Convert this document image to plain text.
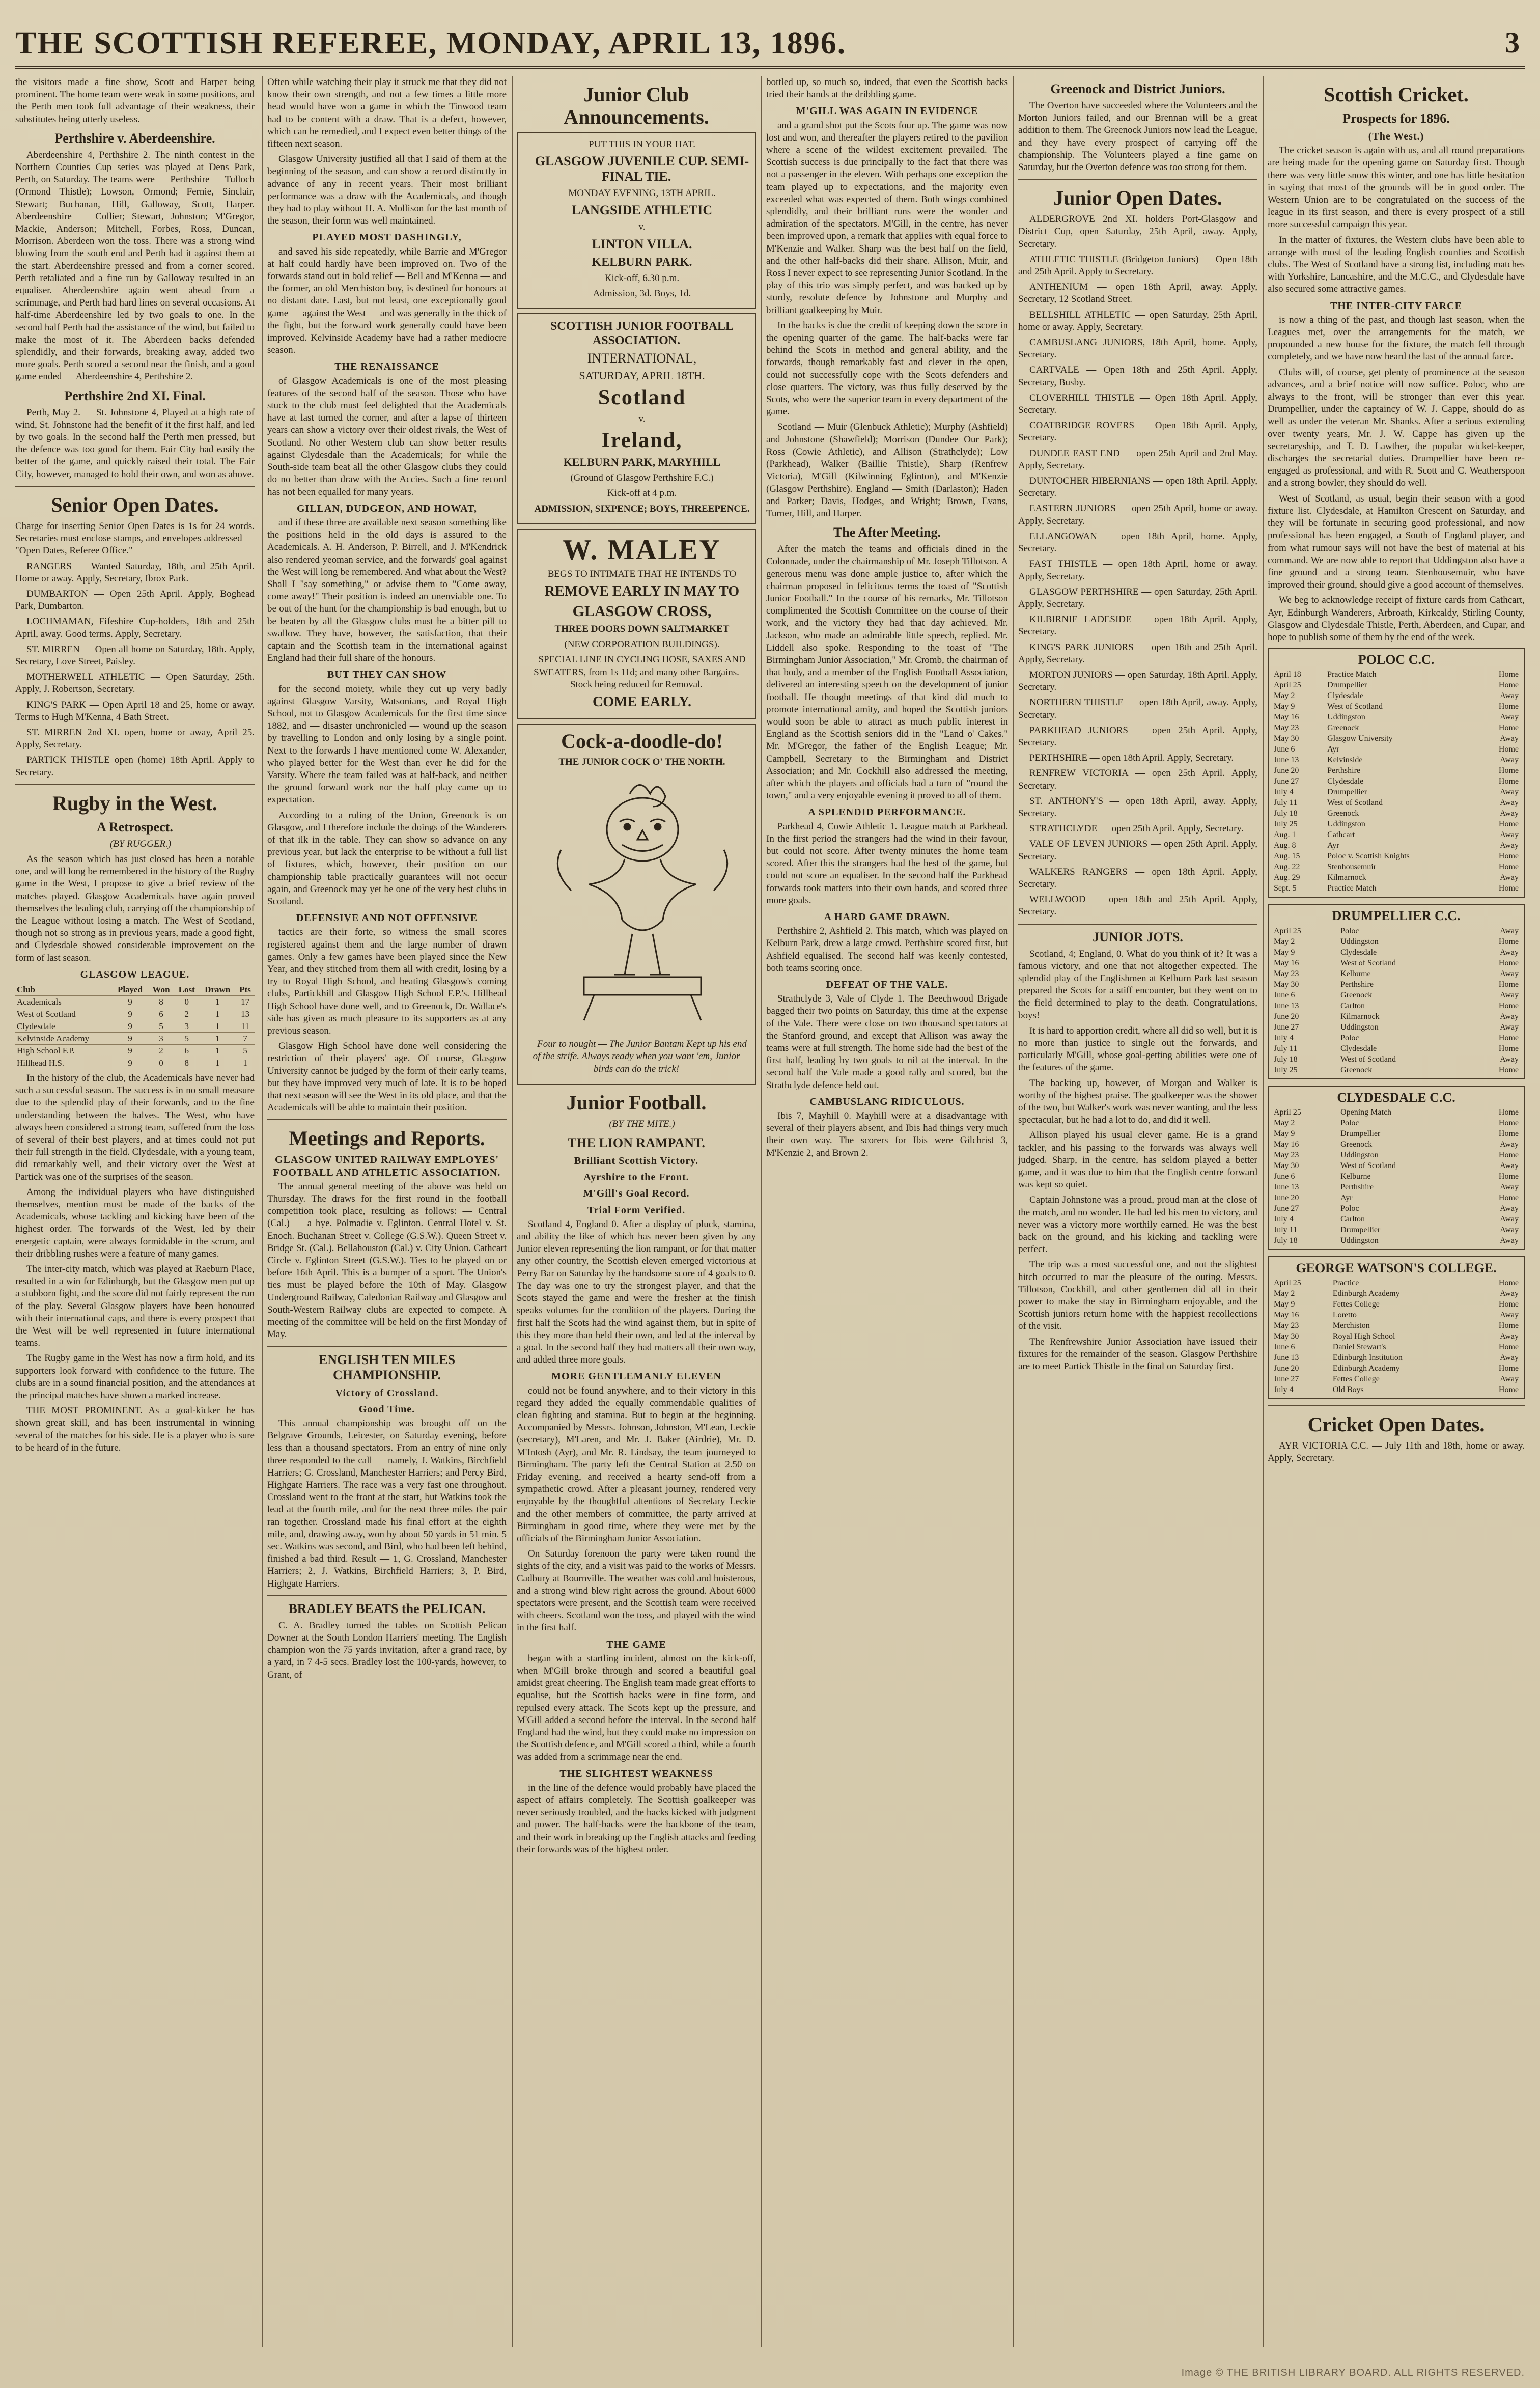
THE SCOTTISH REFEREE, MONDAY, APRIL 13, 1896.	3

the visitors made a fine show, Scott and Harper being prominent. The home team were weak in some positions, and the Perth men took full advantage of their weakness, their substitutes being utterly useless.

Perthshire v. Aberdeenshire.

Aberdeenshire 4, Perthshire 2. The ninth contest in the Northern Counties Cup series was played at Dens Park, Perth, on Saturday. The teams were — Perthshire — Tulloch (Ormond Thistle); Lowson, Ormond; Fernie, Sinclair, Stewart; Buchanan, Hill, Galloway, Scott, Harper. Aberdeenshire — Collier; Stewart, Johnston; M'Gregor, Mackie, Anderson; Mitchell, Forbes, Ross, Duncan, Morrison. Aberdeen won the toss. There was a strong wind blowing from the south end and Perth had it against them at the start. Aberdeenshire pressed and from a corner scored. Perth retaliated and a fine run by Galloway resulted in an equaliser. Aberdeenshire again went ahead from a scrimmage, and Perth had hard lines on several occasions. At half-time Aberdeenshire led by two goals to one. In the second half Perth had the assistance of the wind, but failed to make the most of it. The Aberdeen backs defended splendidly, and their forwards, breaking away, added two more goals. Perth scored a second near the finish, and a good game ended — Aberdeenshire 4, Perthshire 2.

Perthshire 2nd XI. Final.

Perth, May 2. — St. Johnstone 4, Played at a high rate of wind, St. Johnstone had the benefit of it the first half, and led by two goals. In the second half the Perth men pressed, but the defence was too good for them. Fair City had easily the better of the game, and quickly raised their total. The Fair City, however, managed to hold their own, and won as above.

Senior Open Dates.

Charge for inserting Senior Open Dates is 1s for 24 words. Secretaries must enclose stamps, and envelopes addressed — "Open Dates, Referee Office."

RANGERS — Wanted Saturday, 18th, and 25th April. Home or away. Apply, Secretary, Ibrox Park.

DUMBARTON — Open 25th April. Apply, Boghead Park, Dumbarton.

LOCHMAMAN, Fifeshire Cup-holders, 18th and 25th April, away. Good terms. Apply, Secretary.

ST. MIRREN — Open all home on Saturday, 18th. Apply, Secretary, Love Street, Paisley.

MOTHERWELL ATHLETIC — Open Saturday, 25th. Apply, J. Robertson, Secretary.

KING'S PARK — Open April 18 and 25, home or away. Terms to Hugh M'Kenna, 4 Bath Street.

ST. MIRREN 2nd XI. open, home or away, April 25. Apply, Secretary.

PARTICK THISTLE open (home) 18th April. Apply to Secretary.

Rugby in the West.
A Retrospect.

(BY RUGGER.)

As the season which has just closed has been a notable one, and will long be remembered in the history of the Rugby game in the West, I propose to give a brief review of the matches played. Glasgow Academicals have again proved themselves the leading club, carrying off the championship of the League without losing a match. The West of Scotland, though not so strong as in previous years, made a good fight, and Clydesdale showed considerable improvement on the form of last season.

GLASGOW LEAGUE.
Club	Played	Won	Lost	Drawn	Pts
Academicals	9	8	0	1	17
West of Scotland	9	6	2	1	13
Clydesdale	9	5	3	1	11
Kelvinside Academy	9	3	5	1	7
High School F.P.	9	2	6	1	5
Hillhead H.S.	9	0	8	1	1

In the history of the club, the Academicals have never had such a successful season. The success is in no small measure due to the splendid play of their forwards, and to the fine understanding between the halves. The West, who have always been considered a strong team, suffered from the loss of several of their best players, and at times could not put their full strength in the field. Clydesdale, with a young team, did remarkably well, and their victory over the West at Partick was one of the surprises of the season.

Among the individual players who have distinguished themselves, mention must be made of the backs of the Academicals, whose tackling and kicking have been of the highest order. The forwards of the West, led by their energetic captain, were always formidable in the scrum, and their dribbling rushes were a feature of many games.

The inter-city match, which was played at Raeburn Place, resulted in a win for Edinburgh, but the Glasgow men put up a stubborn fight, and the score did not fairly represent the run of the play. Several Glasgow players have been honoured with their international caps, and there is every prospect that the West will be well represented in future international teams.

The Rugby game in the West has now a firm hold, and its supporters look forward with confidence to the future. The clubs are in a sound financial position, and the attendances at the principal matches have shown a marked increase.

THE MOST PROMINENT. As a goal-kicker he has shown great skill, and has been instrumental in winning several of the matches for his side. He is a player who is sure to be heard of in the future.

Often while watching their play it struck me that they did not know their own strength, and not a few times a little more head would have won a game in which the Tinwood team had to be content with a draw. That is a defect, however, which can be remedied, and I expect even better things of the fifteen next season.

Glasgow University justified all that I said of them at the beginning of the season, and can show a record distinctly in advance of any in recent years. Their most brilliant performance was a draw with the Academicals, and though they had to play without H. A. Mollison for the last month of the season, their form was well maintained.

PLAYED MOST DASHINGLY,

and saved his side repeatedly, while Barrie and M'Gregor at half could hardly have been improved on. Two of the forwards stand out in bold relief — Bell and M'Kenna — and the former, an old Merchiston boy, is destined for honours at no distant date. Last, but not least, one exceptionally good game — against the West — and was generally in the thick of the fight, but the forward work generally could have been improved. Kelvinside Academy have had a rather mediocre season.

THE RENAISSANCE

of Glasgow Academicals is one of the most pleasing features of the second half of the season. Those who have stuck to the club must feel delighted that the Academicals have at last turned the corner, and after a lapse of thirteen years can show a victory over their oldest rivals, the West of Scotland. No other Western club can show better results against Clydesdale than the Academicals; for while the South-side team beat all the other Glasgow clubs they could do no better than draw with the Accies. Such a fine record has not been equalled for many years.

GILLAN, DUDGEON, AND HOWAT,

and if these three are available next season something like the positions held in the old days is assured to the Academicals. A. H. Anderson, P. Birrell, and J. M'Kendrick also rendered yeoman service, and the forwards' goal against the West will long be remembered. And what about the West? Shall I "say something," or advise them to "Come away, come away!" Their position is indeed an unenviable one. To be out of the hunt for the championship is bad enough, but to be beaten by all the Glasgow clubs must be a bitter pill to swallow. They have, however, the satisfaction, that their captain and the Scottish team in the international against England had their full share of the honours.

BUT THEY CAN SHOW

for the second moiety, while they cut up very badly against Glasgow Varsity, Watsonians, and Royal High School, not to Glasgow Academicals for the first time since 1882, and — disaster unchronicled — wound up the season by travelling to London and only losing by a single point. Next to the forwards I have mentioned come W. Alexander, who played better for the West than ever he did for the Varsity. Where the team failed was at half-back, and neither the ground forward work nor the half play came up to expectation.

According to a ruling of the Union, Greenock is on Glasgow, and I therefore include the doings of the Wanderers of that ilk in the table. They can show so advance on any previous year, but lack the enterprise to be without a full list of fixtures, which, however, their position on our championship table practically guarantees will not occur again, and Greenock may yet be one of the very best clubs in Scotland.

DEFENSIVE AND NOT OFFENSIVE

tactics are their forte, so witness the small scores registered against them and the large number of drawn games. Only a few games have been played since the New Year, and they stitched from them all with credit, losing by a try to Royal High School, and beating Glasgow's coming clubs, Partickhill and Glasgow High School F.P.'s. Hillhead High School have done well, and to Greenock, Dr. Wallace's side has given as much pleasure to its supporters as at any previous season.

Glasgow High School have done well considering the restriction of their players' age. Of course, Glasgow University cannot be judged by the form of their early teams, but they have improved very much of late. It is to be hoped that next season will see the West in its old place, and that the Academicals will be able to maintain their position.

Meetings and Reports.
GLASGOW UNITED RAILWAY EMPLOYES' FOOTBALL AND ATHLETIC ASSOCIATION.

The annual general meeting of the above was held on Thursday. The draws for the first round in the football competition took place, resulting as follows: — Central (Cal.) — a bye. Polmadie v. Eglinton. Central Hotel v. St. Enoch. Buchanan Street v. College (G.S.W.). Queen Street v. Bridge St. (Cal.). Bellahouston (Cal.) v. City Union. Cathcart Circle v. Eglinton Street (G.S.W.). Ties to be played on or before 16th April. This is a bumper of a sport. The Union's ties must be played before the 10th of May. Glasgow Underground Railway, Caledonian Railway and Glasgow and South-Western Railway clubs are expected to compete. A meeting of the committee will be held on the first Monday of May.

ENGLISH TEN MILES CHAMPIONSHIP.
Victory of Crossland.
Good Time.

This annual championship was brought off on the Belgrave Grounds, Leicester, on Saturday evening, before less than a thousand spectators. From an entry of nine only three responded to the call — namely, J. Watkins, Birchfield Harriers; G. Crossland, Manchester Harriers; and Percy Bird, Highgate Harriers. The race was a very fast one throughout. Crossland went to the front at the start, but Watkins took the lead at the fourth mile, and for the next three miles the pair ran together. Crossland made his final effort at the eighth mile, and, drawing away, won by about 50 yards in 51 min. 5 sec. Watkins was second, and Bird, who had been left behind, finished a bad third. Result — 1, G. Crossland, Manchester Harriers; 2, J. Watkins, Birchfield Harriers; 3, P. Bird, Highgate Harriers.

BRADLEY BEATS the PELICAN.

C. A. Bradley turned the tables on Scottish Pelican Downer at the South London Harriers' meeting. The English champion won the 75 yards invitation, after a grand race, by a yard, in 7 4-5 secs. Bradley lost the 100-yards, however, to Grant, of

Junior Club Announcements.

PUT THIS IN YOUR HAT.

GLASGOW JUVENILE CUP. SEMI-FINAL TIE.

MONDAY EVENING, 13TH APRIL.

LANGSIDE ATHLETIC

v.

LINTON VILLA.

KELBURN PARK.

Kick-off, 6.30 p.m.

Admission, 3d. Boys, 1d.

SCOTTISH JUNIOR FOOTBALL ASSOCIATION.

INTERNATIONAL,

SATURDAY, APRIL 18TH.

Scotland

v.

Ireland,

KELBURN PARK, MARYHILL

(Ground of Glasgow Perthshire F.C.)

Kick-off at 4 p.m.

ADMISSION, SIXPENCE; BOYS, THREEPENCE.

W. MALEY

BEGS TO INTIMATE THAT HE INTENDS TO

REMOVE EARLY IN MAY TO

GLASGOW CROSS,

THREE DOORS DOWN SALTMARKET

(NEW CORPORATION BUILDINGS).

SPECIAL LINE IN CYCLING HOSE, SAXES AND SWEATERS, from 1s 11d; and many other Bargains. Stock being reduced for Removal.

COME EARLY.

Cock-a-doodle-do!

THE JUNIOR COCK O' THE NORTH.

Four to nought — The Junior Bantam Kept up his end of the strife. Always ready when you want 'em, Junior birds can do the trick!

Junior Football.

(BY THE MITE.)

THE LION RAMPANT.
Brilliant Scottish Victory.
Ayrshire to the Front.
M'Gill's Goal Record.
Trial Form Verified.

Scotland 4, England 0. After a display of pluck, stamina, and ability the like of which has never been given by any Junior eleven representing the lion rampant, or for that matter any other country, the Scottish eleven emerged victorious at Perry Bar on Saturday by the handsome score of 4 goals to 0. The day was one to try the strongest player, and that the Scots stayed the game and were the fresher at the finish speaks volumes for the condition of the players. During the first half the Scots had the wind against them, but in spite of this they more than held their own, and led at the interval by a goal. In the second half they had matters all their own way, and added three more goals.

MORE GENTLEMANLY ELEVEN

could not be found anywhere, and to their victory in this regard they added the equally commendable qualities of clean fighting and stamina. But to begin at the beginning. Accompanied by Messrs. Johnson, Johnston, M'Lean, Leckie (secretary), M'Laren, and Mr. J. Baker (Airdrie), Mr. D. M'Intosh (Ayr), and Mr. R. Lindsay, the team journeyed to Birmingham. The party left the Central Station at 2.50 on Friday evening, and received a hearty send-off from a sympathetic crowd. After a pleasant journey, rendered very enjoyable by the thoughtful attentions of Secretary Leckie and the other members of committee, the party arrived at Birmingham in good time, where they were met by the officials of the Birmingham Junior Association.

On Saturday forenoon the party were taken round the sights of the city, and a visit was paid to the works of Messrs. Cadbury at Bournville. The weather was cold and boisterous, and a strong wind blew right across the ground. About 6000 spectators were present, and the Scottish team were received with cheers. Scotland won the toss, and played with the wind in the first half.

THE GAME

began with a startling incident, almost on the kick-off, when M'Gill broke through and scored a beautiful goal amidst great cheering. The English team made great efforts to equalise, but the Scottish backs were in fine form, and repulsed every attack. The Scots kept up the pressure, and M'Gill added a second before the interval. In the second half England had the wind, but they could make no impression on the Scottish defence, and M'Gill scored a third, while a fourth was added from a scrimmage near the end.

THE SLIGHTEST WEAKNESS

in the line of the defence would probably have placed the aspect of affairs completely. The Scottish goalkeeper was never seriously troubled, and the backs kicked with judgment and power. The half-backs were the backbone of the team, and their work in breaking up the English attacks and feeding their forwards was of the highest order.

bottled up, so much so, indeed, that even the Scottish backs tried their hands at the dribbling game.

M'GILL WAS AGAIN IN EVIDENCE

and a grand shot put the Scots four up. The game was now lost and won, and thereafter the players retired to the pavilion where a scene of the wildest excitement prevailed. The Scottish success is due principally to the fact that there was not a passenger in the eleven. With perhaps one exception the team played up to expectations, and the majority even exceeded what was expected of them. Both wings combined splendidly, and their brilliant runs were the wonder and admiration of the spectators. M'Gill, in the centre, has never been improved upon, a remark that applies with equal force to M'Kenzie and Walker. Sharp was the best half on the field, and the other half-backs did their share. Allison, Muir, and Ross I never expect to see representing Junior Scotland. In the play of this trio was simply perfect, and was backed up by sturdy, resolute defence by Johnstone and Murphy and brilliant goalkeeping by Muir.

In the backs is due the credit of keeping down the score in the opening quarter of the game. The half-backs were far behind the Scots in method and general ability, and the forwards, though remarkably fast and clever in the open, could not successfully cope with the Scots defenders and close quarters. The victory, was thus fully deserved by the Scots, who were the superior team in every department of the game.

Scotland — Muir (Glenbuck Athletic); Murphy (Ashfield) and Johnstone (Shawfield); Morrison (Dundee Our Park); Ross (Cowie Athletic), and Allison (Strathclyde); Low (Parkhead), Walker (Baillie Thistle), Sharp (Renfrew Victoria), M'Gill (Kilwinning Eglinton), and M'Kenzie (Glasgow Perthshire). England — Smith (Darlaston); Haden and Parker; Davis, Hodges, and Wright; Brown, Evans, Turner, Hill, and Harper.

The After Meeting.

After the match the teams and officials dined in the Colonnade, under the chairmanship of Mr. Joseph Tillotson. A generous menu was done ample justice to, after which the chairman proposed in felicitous terms the toast of "Scottish Junior Football." In the course of his remarks, Mr. Tillotson complimented the Scottish Committee on the course of their work, and the victory they had that day achieved. Mr. Jackson, who made an admirable little speech, replied. Mr. Liddell also spoke. Responding to the toast of "The Birmingham Junior Association," Mr. Cromb, the chairman of that body, and a member of the English Football Association, delivered an interesting speech on the development of junior football. He thought meetings of that kind did much to promote international amity, and hoped the Scottish juniors would soon be able to attract as much public interest in England as the Scottish seniors did in the "Land o' Cakes." Mr. M'Gregor, the father of the English League; Mr. Campbell, Secretary to the Birmingham and District Association; and Mr. Cockhill also addressed the meeting, after which the players and officials had a turn of "round the town," and a very enjoyable evening it proved to all of them.

A SPLENDID PERFORMANCE.

Parkhead 4, Cowie Athletic 1. League match at Parkhead. In the first period the strangers had the wind in their favour, but could not score. After twenty minutes the home team scored. After this the strangers had the best of the game, but could not score an equaliser. In the second half the Parkhead forwards took matters into their own hands, and scored three more goals.

A HARD GAME DRAWN.

Perthshire 2, Ashfield 2. This match, which was played on Kelburn Park, drew a large crowd. Perthshire scored first, but Ashfield equalised. The second half was keenly contested, both teams scoring once.

DEFEAT OF THE VALE.

Strathclyde 3, Vale of Clyde 1. The Beechwood Brigade bagged their two points on Saturday, this time at the expense of the Vale. There were close on two thousand spectators at the Stanford ground, and except that Allison was away the teams were at full strength. The home side had the best of the first half, leading by two goals to nil at the interval. In the second half the Vale made a good rally and scored, but the Strathclyde defence held out.

CAMBUSLANG RIDICULOUS.

Ibis 7, Mayhill 0. Mayhill were at a disadvantage with several of their players absent, and Ibis had things very much their own way. The scorers for Ibis were Gilchrist 3, M'Kenzie 2, and Brown 2.

Greenock and District Juniors.

The Overton have succeeded where the Volunteers and the Morton Juniors failed, and our Brennan will be a great addition to them. The Greenock Juniors now lead the League, and they have every prospect of carrying off the championship. The Volunteers played a fine game on Saturday, but the Overton defence was too strong for them.

Junior Open Dates.

ALDERGROVE 2nd XI. holders Port-Glasgow and District Cup, open Saturday, 25th April, away. Apply, Secretary.

ATHLETIC THISTLE (Bridgeton Juniors) — Open 18th and 25th April. Apply to Secretary.

ANTHENIUM — open 18th April, away. Apply, Secretary, 12 Scotland Street.

BELLSHILL ATHLETIC — open Saturday, 25th April, home or away. Apply, Secretary.

CAMBUSLANG JUNIORS, 18th April, home. Apply, Secretary.

CARTVALE — Open 18th and 25th April. Apply, Secretary, Busby.

CLOVERHILL THISTLE — Open 18th April. Apply, Secretary.

COATBRIDGE ROVERS — Open 18th April. Apply, Secretary.

DUNDEE EAST END — open 25th April and 2nd May. Apply, Secretary.

DUNTOCHER HIBERNIANS — open 18th April. Apply, Secretary.

EASTERN JUNIORS — open 25th April, home or away. Apply, Secretary.

ELLANGOWAN — open 18th April, home. Apply, Secretary.

FAST THISTLE — open 18th April, home or away. Apply, Secretary.

GLASGOW PERTHSHIRE — open Saturday, 25th April. Apply, Secretary.

KILBIRNIE LADESIDE — open 18th April. Apply, Secretary.

KING'S PARK JUNIORS — open 18th and 25th April. Apply, Secretary.

MORTON JUNIORS — open Saturday, 18th April. Apply, Secretary.

NORTHERN THISTLE — open 18th April, away. Apply, Secretary.

PARKHEAD JUNIORS — open 25th April. Apply, Secretary.

PERTHSHIRE — open 18th April. Apply, Secretary.

RENFREW VICTORIA — open 25th April. Apply, Secretary.

ST. ANTHONY'S — open 18th April, away. Apply, Secretary.

STRATHCLYDE — open 25th April. Apply, Secretary.

VALE OF LEVEN JUNIORS — open 25th April. Apply, Secretary.

WALKERS RANGERS — open 18th April. Apply, Secretary.

WELLWOOD — open 18th and 25th April. Apply, Secretary.

JUNIOR JOTS.

Scotland, 4; England, 0. What do you think of it? It was a famous victory, and one that not altogether expected. The splendid play of the Englishmen at Kelburn Park last season prepared the Scots for a stiff encounter, but they went on to the field determined to play to the death. Congratulations, boys!

It is hard to apportion credit, where all did so well, but it is no more than justice to single out the forwards, and particularly M'Gill, whose goal-getting abilities were one of the features of the game.

The backing up, however, of Morgan and Walker is worthy of the highest praise. The goalkeeper was the shower of the two, but Walker's work was never wanting, and the less spectacular, but he had a lot to do, and did it well.

Allison played his usual clever game. He is a grand tackler, and his passing to the forwards was always well judged. Sharp, in the centre, has seldom played a better game, and it was due to him that the English centre forward was kept so quiet.

Captain Johnstone was a proud, proud man at the close of the match, and no wonder. He had led his men to victory, and never was a victory more worthily earned. He was the best back on the ground, and his kicking and tackling were perfect.

The trip was a most successful one, and not the slightest hitch occurred to mar the pleasure of the outing. Messrs. Tillotson, Cockhill, and other gentlemen did all in their power to make the stay in Birmingham enjoyable, and the Scottish juniors return home with the happiest recollections of the visit.

The Renfrewshire Junior Association have issued their fixtures for the remainder of the season. Glasgow Perthshire are to meet Partick Thistle in the final on Saturday first.

Scottish Cricket.
Prospects for 1896.
(The West.)

The cricket season is again with us, and all round preparations are being made for the opening game on Saturday first. Though there was very little snow this winter, and one has little hesitation in saying that most of the grounds will be in good order. The Western Union are to be congratulated on the success of the league in its first season, and there is every prospect of a still more successful campaign this year.

In the matter of fixtures, the Western clubs have been able to arrange with most of the leading English counties and Scottish clubs. The West of Scotland have a strong list, including matches with Yorkshire, Lancashire, and the M.C.C., and Clydesdale have also secured some attractive games.

THE INTER-CITY FARCE

is now a thing of the past, and though last season, when the Leagues met, over the arrangements for the match, we propounded a new house for the fixture, the match fell through completely, and we have now heard the last of the annual farce.

Clubs will, of course, get plenty of prominence at the season advances, and a brief notice will now suffice. Poloc, who are always to the front, will be stronger than ever this year. Drumpellier, under the captaincy of W. J. Cappe, should do as well as under the veteran Mr. Shanks. After a serious extending over twenty years, Mr. J. W. Cappe has given up the secretaryship, and T. D. Lawther, the popular wicket-keeper, discharges the secretarial duties. Drumpellier have been re-engaged as professional, and with R. Scott and C. Weatherspoon and a strong bowler, they should do well.

West of Scotland, as usual, begin their season with a good fixture list. Clydesdale, at Hamilton Crescent on Saturday, and they will be fortunate in securing good professional, and now professional has been engaged, a South of England player, and from what rumour says will not have the best of material at his command. We are now able to report that Uddingston also have a fine ground and a strong team. Stenhousemuir, who have improved their ground, should give a good account of themselves.

We beg to acknowledge receipt of fixture cards from Cathcart, Ayr, Edinburgh Wanderers, Arbroath, Kirkcaldy, Stirling County, Glasgow and Clydesdale Thistle, Perth, Aberdeen, and Cupar, and hope to publish some of them by the end of the week.

POLOC C.C.
April 18	Practice Match	Home
April 25	Drumpellier	Home
May 2	Clydesdale	Away
May 9	West of Scotland	Home
May 16	Uddingston	Away
May 23	Greenock	Home
May 30	Glasgow University	Away
June 6	Ayr	Home
June 13	Kelvinside	Away
June 20	Perthshire	Home
June 27	Clydesdale	Home
July 4	Drumpellier	Away
July 11	West of Scotland	Away
July 18	Greenock	Away
July 25	Uddingston	Home
Aug. 1	Cathcart	Away
Aug. 8	Ayr	Away
Aug. 15	Poloc v. Scottish Knights	Home
Aug. 22	Stenhousemuir	Home
Aug. 29	Kilmarnock	Away
Sept. 5	Practice Match	Home
DRUMPELLIER C.C.
April 25	Poloc	Away
May 2	Uddingston	Home
May 9	Clydesdale	Away
May 16	West of Scotland	Home
May 23	Kelburne	Away
May 30	Perthshire	Home
June 6	Greenock	Away
June 13	Carlton	Home
June 20	Kilmarnock	Away
June 27	Uddingston	Away
July 4	Poloc	Home
July 11	Clydesdale	Home
July 18	West of Scotland	Away
July 25	Greenock	Home
CLYDESDALE C.C.
April 25	Opening Match	Home
May 2	Poloc	Home
May 9	Drumpellier	Home
May 16	Greenock	Away
May 23	Uddingston	Home
May 30	West of Scotland	Away
June 6	Kelburne	Home
June 13	Perthshire	Away
June 20	Ayr	Home
June 27	Poloc	Away
July 4	Carlton	Away
July 11	Drumpellier	Away
July 18	Uddingston	Away
GEORGE WATSON'S COLLEGE.
April 25	Practice	Home
May 2	Edinburgh Academy	Away
May 9	Fettes College	Home
May 16	Loretto	Away
May 23	Merchiston	Home
May 30	Royal High School	Away
June 6	Daniel Stewart's	Home
June 13	Edinburgh Institution	Away
June 20	Edinburgh Academy	Home
June 27	Fettes College	Away
July 4	Old Boys	Home
Cricket Open Dates.

AYR VICTORIA C.C. — July 11th and 18th, home or away. Apply, Secretary.

Image © THE BRITISH LIBRARY BOARD. ALL RIGHTS RESERVED.
